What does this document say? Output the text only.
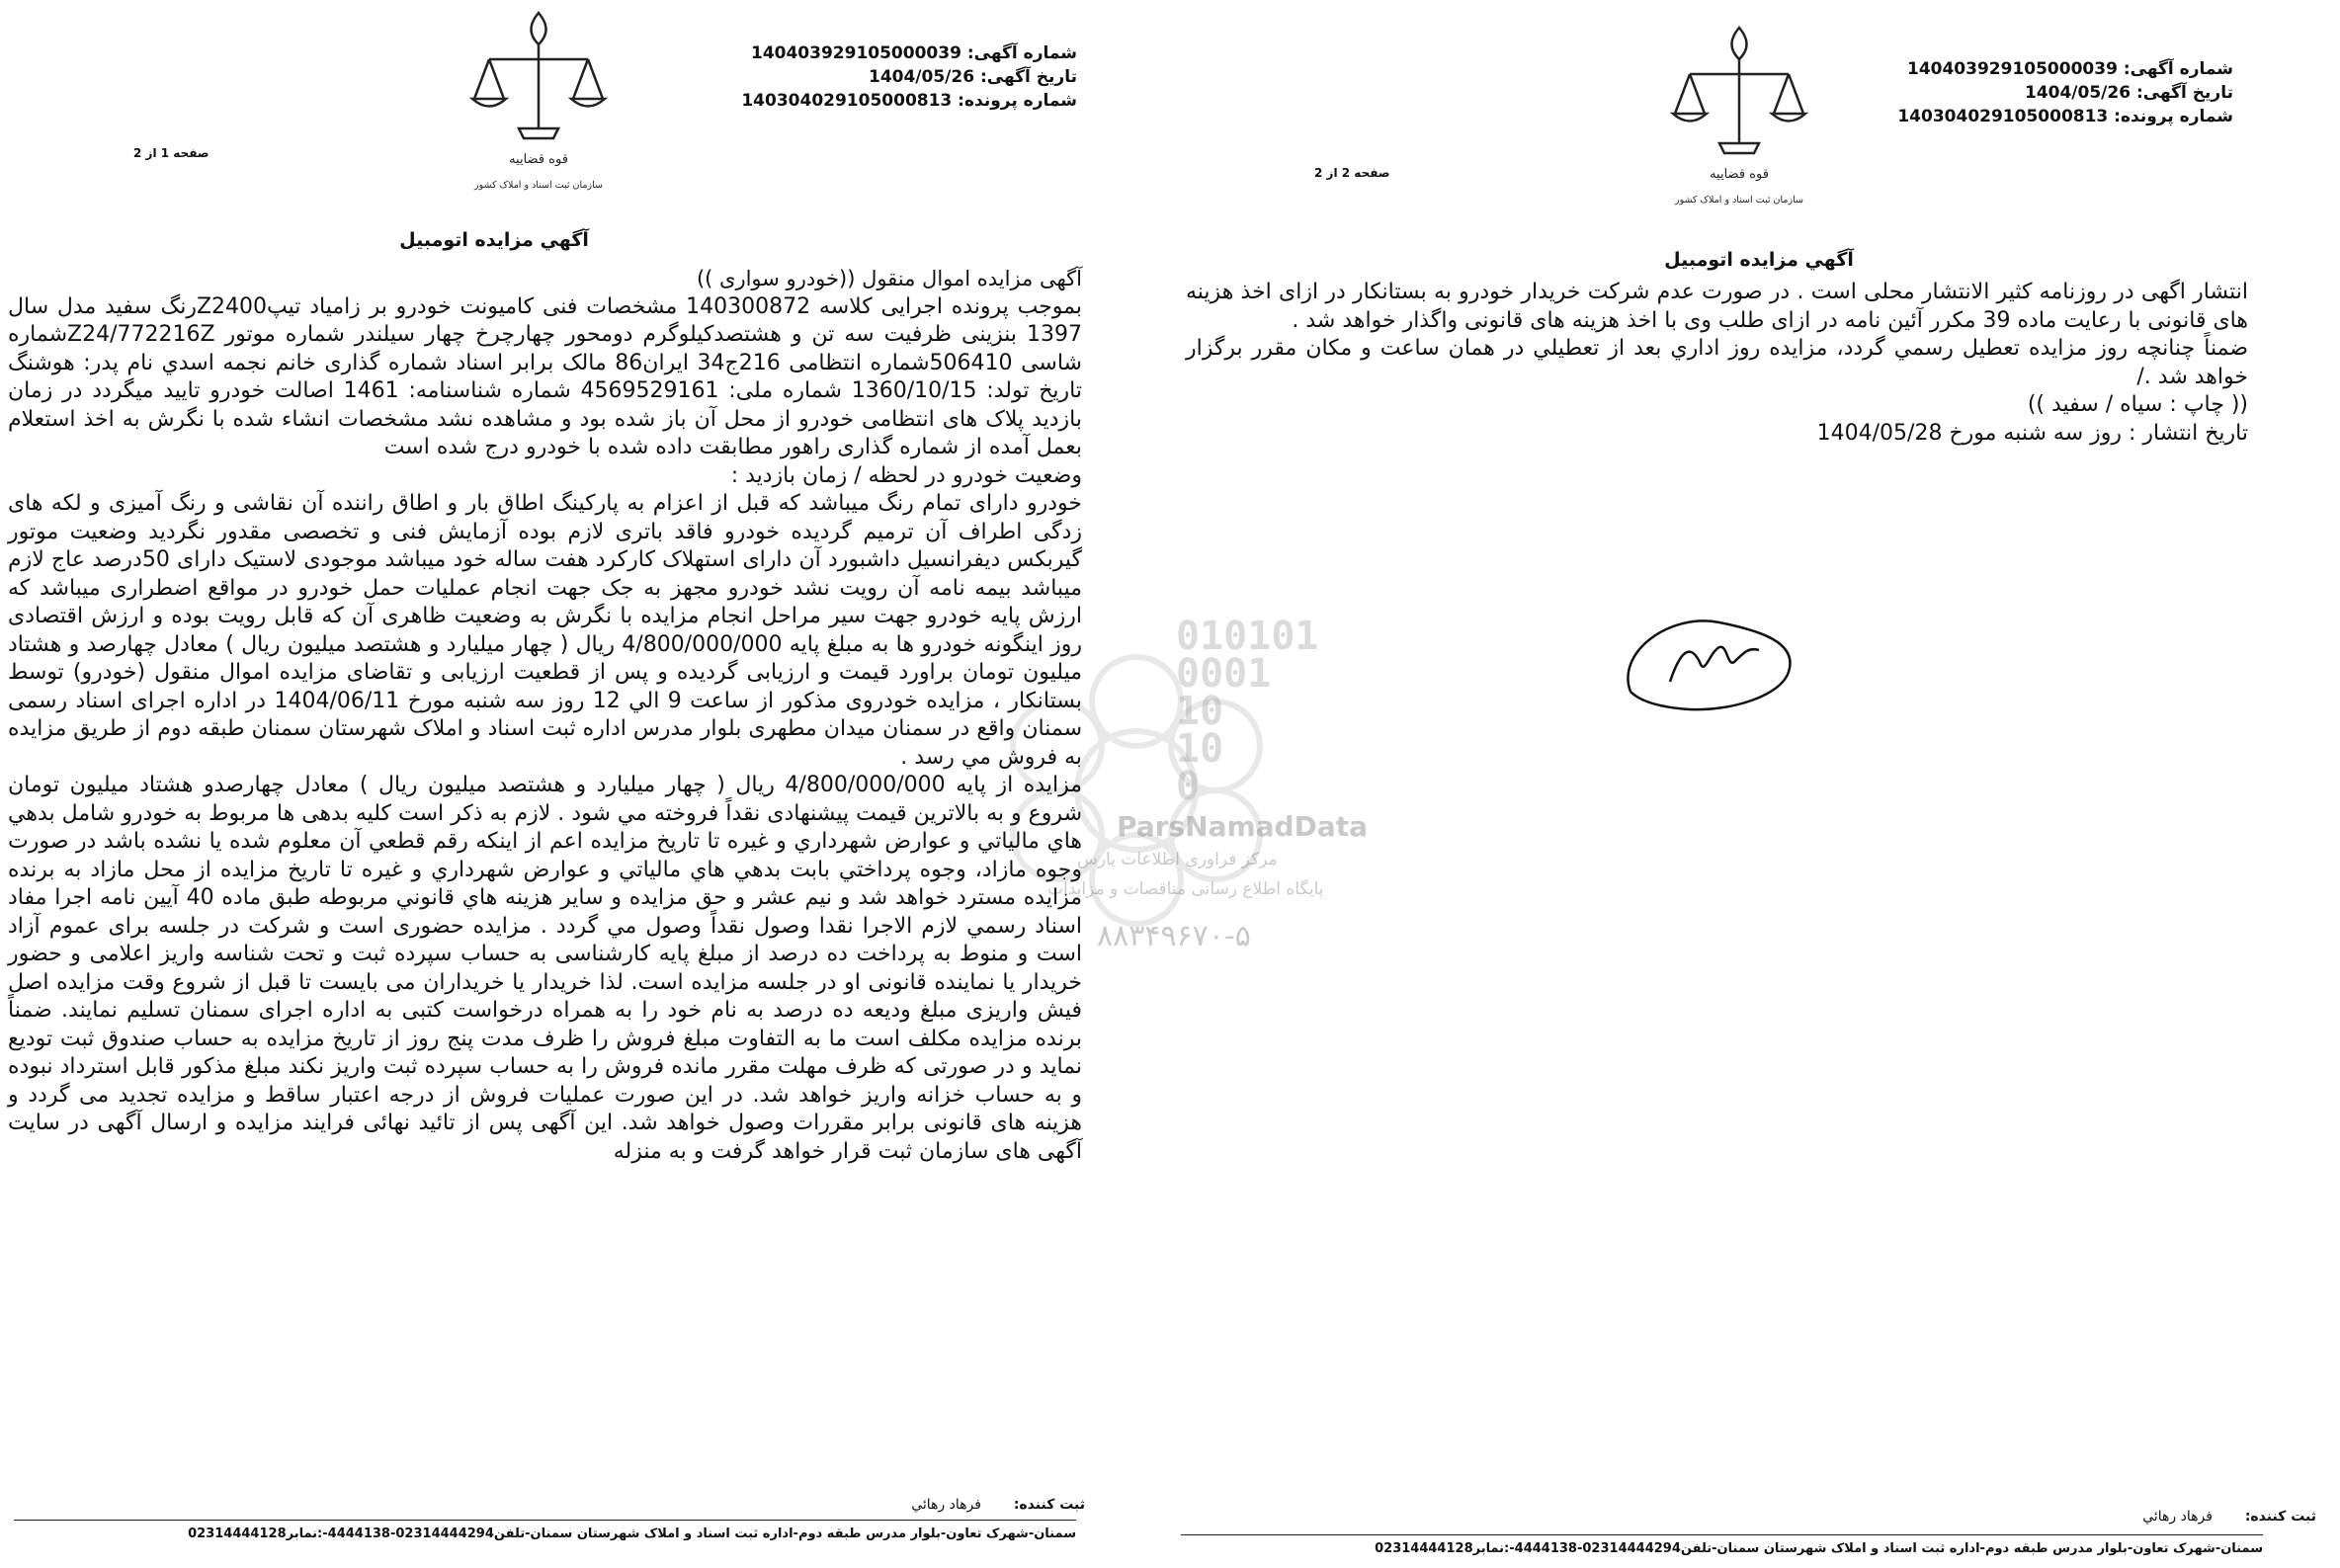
010101
0001
10
10
0
ParsNamadData
مرکز فراوری اطلاعات پارس
پایگاه اطلاع رسانی مناقصات و مزایدات
۸۸۳۴۹۶۷۰-۵
قوه قضاییه
سازمان ثبت اسناد و املاک کشور
شماره آگهی: 140403929105000039
تاریخ آگهی: 1404/05/26
شماره پرونده: 140304029105000813
صفحه 1 از 2
آگهي مزايده اتومبيل

آگهی مزایده اموال منقول ((خودرو سواری ))

بموجب پرونده اجرایی کلاسه 140300872 مشخصات فنی کامیونت خودرو بر زامیاد تیپZ2400رنگ سفید مدل سال 1397 بنزینی ظرفیت سه تن و هشتصدکیلوگرم دومحور چهارچرخ چهار سیلندر شماره موتور Z24/772216Zشماره شاسی 506410شماره انتظامی 216ج34 ایران86 مالک برابر اسناد شماره گذاری خانم نجمه اسدي نام پدر: هوشنگ تاریخ تولد: 1360/10/15 شماره ملی: 4569529161 شماره شناسنامه: 1461 اصالت خودرو تایید میگردد در زمان بازدید پلاک های انتظامی خودرو از محل آن باز شده بود و مشاهده نشد مشخصات انشاء شده با نگرش به اخذ استعلام بعمل آمده از شماره گذاری راهور مطابقت داده شده با خودرو درج شده است

وضعیت خودرو در لحظه / زمان بازدید :

خودرو دارای تمام رنگ میباشد که قبل از اعزام به پارکینگ اطاق بار و اطاق راننده آن نقاشی و رنگ آمیزی و لکه های زدگی اطراف آن ترمیم گردیده خودرو فاقد باتری لازم بوده آزمایش فنی و تخصصی مقدور نگردید وضعیت موتور گیربکس دیفرانسیل داشبورد آن دارای استهلاک کارکرد هفت ساله خود میباشد موجودی لاستیک دارای 50درصد عاج لازم میباشد بیمه نامه آن رویت نشد خودرو مجهز به جک جهت انجام عملیات حمل خودرو در مواقع اضطراری میباشد که ارزش پایه خودرو جهت سیر مراحل انجام مزایده با نگرش به وضعیت ظاهری آن که قابل رویت بوده و ارزش اقتصادی روز اینگونه خودرو ها به مبلغ پایه 4/800/000/000 ریال ( چهار میلیارد و هشتصد میلیون ریال ) معادل چهارصد و هشتاد میلیون تومان براورد قیمت و ارزیابی گردیده و پس از قطعیت ارزیابی و تقاضای مزایده اموال منقول (خودرو) توسط بستانکار ، مزایده خودروی مذکور از ساعت 9 الي 12 روز سه شنبه مورخ 1404/06/11 در اداره اجرای اسناد رسمی سمنان واقع در سمنان میدان مطهری بلوار مدرس اداره ثبت اسناد و املاک شهرستان سمنان طبقه دوم از طریق مزایده به فروش مي رسد .

مزایده از پایه 4/800/000/000 ریال ( چهار میلیارد و هشتصد میلیون ریال ) معادل چهارصدو هشتاد میلیون تومان شروع و به بالاترین قیمت پیشنهادی نقداً فروخته مي شود . لازم به ذکر است کلیه بدهی ها مربوط به خودرو شامل بدهي هاي مالياتي و عوارض شهرداري و غيره تا تاريخ مزايده اعم از اينکه رقم قطعي آن معلوم شده يا نشده باشد در صورت وجوه مازاد، وجوه پرداختي بابت بدهي هاي مالياتي و عوارض شهرداري و غيره تا تاريخ مزايده از محل مازاد به برنده مزايده مسترد خواهد شد و نيم عشر و حق مزايده و ساير هزينه هاي قانوني مربوطه طبق ماده 40 آيين نامه اجرا مفاد اسناد رسمي لازم الاجرا نقدا وصول نقداً وصول مي گردد . مزايده حضوری است و شرکت در جلسه برای عموم آزاد است و منوط به پرداخت ده درصد از مبلغ پايه کارشناسی به حساب سپرده ثبت و تحت شناسه واريز اعلامی و حضور خريدار يا نماينده قانونی او در جلسه مزايده است. لذا خريدار يا خريداران می بايست تا قبل از شروع وقت مزايده اصل فيش واريزی مبلغ وديعه ده درصد به نام خود را به همراه درخواست کتبی به اداره اجرای سمنان تسليم نمايند. ضمناً برنده مزايده مکلف است ما به التفاوت مبلغ فروش را ظرف مدت پنج روز از تاريخ مزايده به حساب صندوق ثبت توديع نمايد و در صورتی که ظرف مهلت مقرر مانده فروش را به حساب سپرده ثبت واريز نکند مبلغ مذکور قابل استرداد نبوده و به حساب خزانه واريز خواهد شد. در اين صورت عمليات فروش از درجه اعتبار ساقط و مزايده تجديد می گردد و هزينه های قانونی برابر مقررات وصول خواهد شد. اين آگهی پس از تائيد نهائی فرايند مزايده و ارسال آگهی در سايت آگهی های سازمان ثبت قرار خواهد گرفت و به منزله

ثبت کننده: فرهاد رهائي
سمنان-شهرک تعاون-بلوار مدرس طبقه دوم-اداره ثبت اسناد و املاک شهرستان سمنان-تلفن02314444294-4444138-:نمابر02314444128
قوه قضاییه
سازمان ثبت اسناد و املاک کشور
شماره آگهی: 140403929105000039
تاریخ آگهی: 1404/05/26
شماره پرونده: 140304029105000813
صفحه 2 از 2
آگهي مزايده اتومبيل

انتشار اگهی در روزنامه کثیر الانتشار محلی است . در صورت عدم شرکت خریدار خودرو به بستانکار در ازای اخذ هزینه های قانونی با رعایت ماده 39 مکرر آئین نامه در ازای طلب وی با اخذ هزینه های قانونی واگذار خواهد شد .

ضمناً چنانچه روز مزايده تعطيل رسمي گردد، مزايده روز اداري بعد از تعطيلي در همان ساعت و مکان مقرر برگزار خواهد شد ./

(( چاپ : سیاه / سفید ))

تاریخ انتشار : روز سه شنبه مورخ 1404/05/28

ثبت کننده: فرهاد رهائي
سمنان-شهرک تعاون-بلوار مدرس طبقه دوم-اداره ثبت اسناد و املاک شهرستان سمنان-تلفن02314444294-4444138-:نمابر02314444128
